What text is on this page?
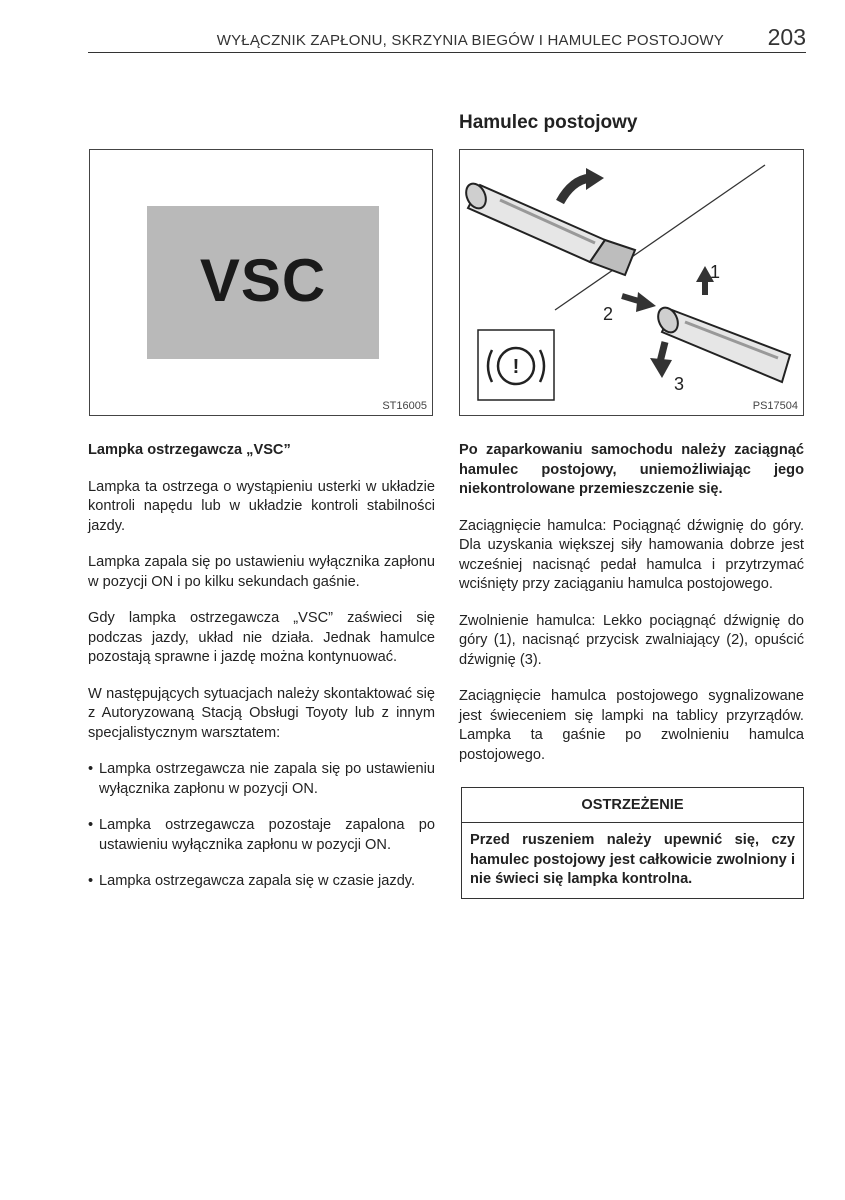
WYŁĄCZNIK ZAPŁONU, SKRZYNIA BIEGÓW I HAMULEC POSTOJOWY 203
VSC
ST16005
Hamulec postojowy
1
2
3
!
PS17504

Lampka ostrzegawcza „VSC”

Lampka ta ostrzega o wystąpieniu usterki w układzie kontroli napędu lub w układzie kontroli stabilności jazdy.

Lampka zapala się po ustawieniu wyłącznika zapłonu w pozycji ON i po kilku sekundach gaśnie.

Gdy lampka ostrzegawcza „VSC” zaświeci się podczas jazdy, układ nie działa. Jednak hamulce pozostają sprawne i jazdę można kontynuować.

W następujących sytuacjach należy skontaktować się z Autoryzowaną Stacją Obsługi Toyoty lub z innym specjalistycznym warsztatem:

• Lampka ostrzegawcza nie zapala się po ustawieniu wyłącznika zapłonu w pozycji ON.
• Lampka ostrzegawcza pozostaje zapalona po ustawieniu wyłącznika zapłonu w pozycji ON.
• Lampka ostrzegawcza zapala się w czasie jazdy.

Po zaparkowaniu samochodu należy zaciągnąć hamulec postojowy, uniemożliwiając jego niekontrolowane przemieszczenie się.

Zaciągnięcie hamulca: Pociągnąć dźwignię do góry. Dla uzyskania większej siły hamowania dobrze jest wcześniej nacisnąć pedał hamulca i przytrzymać wciśnięty przy zaciąganiu hamulca postojowego.

Zwolnienie hamulca: Lekko pociągnąć dźwignię do góry (1), nacisnąć przycisk zwalniający (2), opuścić dźwignię (3).

Zaciągnięcie hamulca postojowego sygnalizowane jest świeceniem się lampki na tablicy przyrządów. Lampka ta gaśnie po zwolnieniu hamulca postojowego.

OSTRZEŻENIE
Przed ruszeniem należy upewnić się, czy hamulec postojowy jest całkowicie zwolniony i nie świeci się lampka kontrolna.
